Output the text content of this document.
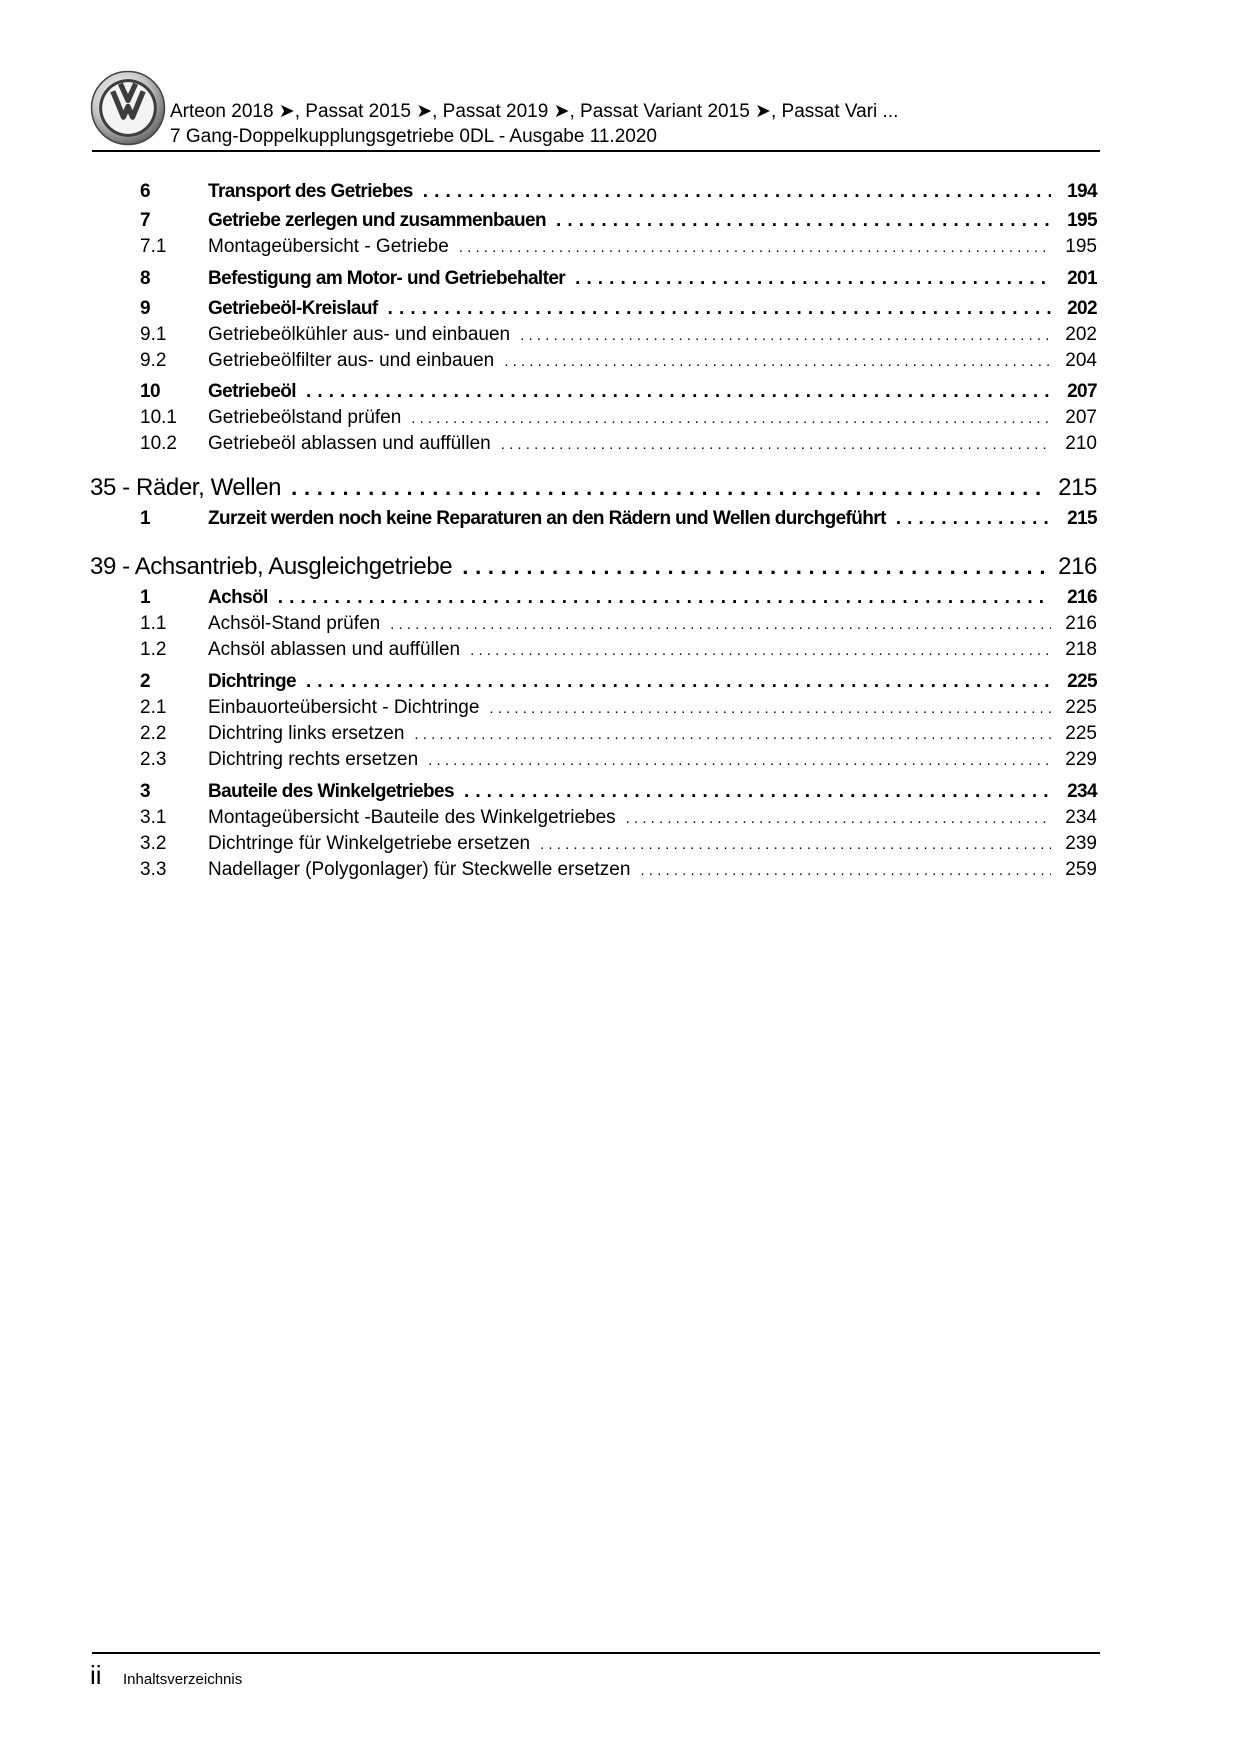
Arteon 2018 ➤, Passat 2015 ➤, Passat 2019 ➤, Passat Variant 2015 ➤, Passat Vari ...
7 Gang-Doppelkupplungsgetriebe 0DL - Ausgabe 11.2020
6	Transport des Getriebes . . .	194
7	Getriebe zerlegen und zusammenbauen . . .	195
7.1	Montageübersicht - Getriebe . . .	195
8	Befestigung am Motor- und Getriebehalter . . .	201
9	Getriebeöl-Kreislauf . . .	202
9.1	Getriebeölkühler aus- und einbauen . . .	202
9.2	Getriebeölfilter aus- und einbauen . . .	204
10	Getriebeöl . . .	207
10.1	Getriebeölstand prüfen . . .	207
10.2	Getriebeöl ablassen und auffüllen . . .	210
35 - Räder, Wellen . . .	215
1	Zurzeit werden noch keine Reparaturen an den Rädern und Wellen durchgeführt . . .	215
39 - Achsantrieb, Ausgleichgetriebe . . .	216
1	Achsöl . . .	216
1.1	Achsöl-Stand prüfen . . .	216
1.2	Achsöl ablassen und auffüllen . . .	218
2	Dichtringe . . .	225
2.1	Einbauorteübersicht - Dichtringe . . .	225
2.2	Dichtring links ersetzen . . .	225
2.3	Dichtring rechts ersetzen . . .	229
3	Bauteile des Winkelgetriebes . . .	234
3.1	Montageübersicht -Bauteile des Winkelgetriebes . . .	234
3.2	Dichtringe für Winkelgetriebe ersetzen . . .	239
3.3	Nadellager (Polygonlager) für Steckwelle ersetzen . . .	259
ii Inhaltsverzeichnis
